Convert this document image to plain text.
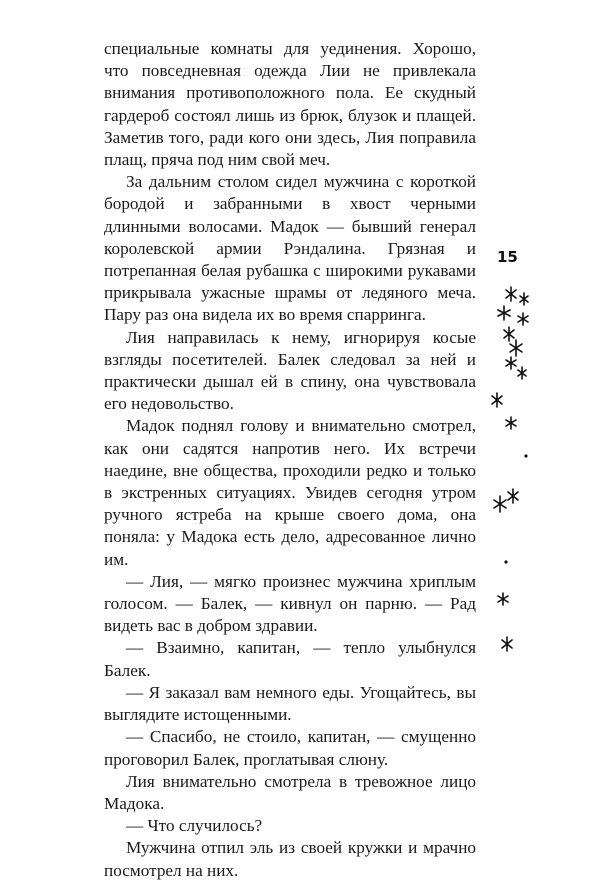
специальные комнаты для уединения. Хорошо, что повседневная одежда Лии не привлекала внимания противоположного пола. Ее скудный гардероб состоял лишь из брюк, блузок и плащей. Заметив того, ради кого они здесь, Лия поправила плащ, пряча под ним свой меч.

За дальним столом сидел мужчина с короткой бородой и забранными в хвост черными длинными волосами. Мадок — бывший генерал королевской армии Рэндалина. Грязная и потрепанная белая рубашка с широкими рукавами прикрывала ужасные шрамы от ледяного меча. Пару раз она видела их во время спарринга.

Лия направилась к нему, игнорируя косые взгляды посетителей. Балек следовал за ней и практически дышал ей в спину, она чувствовала его недовольство.

Мадок поднял голову и внимательно смотрел, как они садятся напротив него. Их встречи наедине, вне общества, проходили редко и только в экстренных ситуациях. Увидев сегодня утром ручного ястреба на крыше своего дома, она поняла: у Мадока есть дело, адресованное лично им.

— Лия, — мягко произнес мужчина хриплым голосом. — Балек, — кивнул он парню. — Рад видеть вас в добром здравии.

— Взаимно, капитан, — тепло улыбнулся Балек.

— Я заказал вам немного еды. Угощайтесь, вы выглядите истощенными.

— Спасибо, не стоило, капитан, — смущенно проговорил Балек, проглатывая слюну.

Лия внимательно смотрела в тревожное лицо Мадока.

— Что случилось?

Мужчина отпил эль из своей кружки и мрачно посмотрел на них.

15
